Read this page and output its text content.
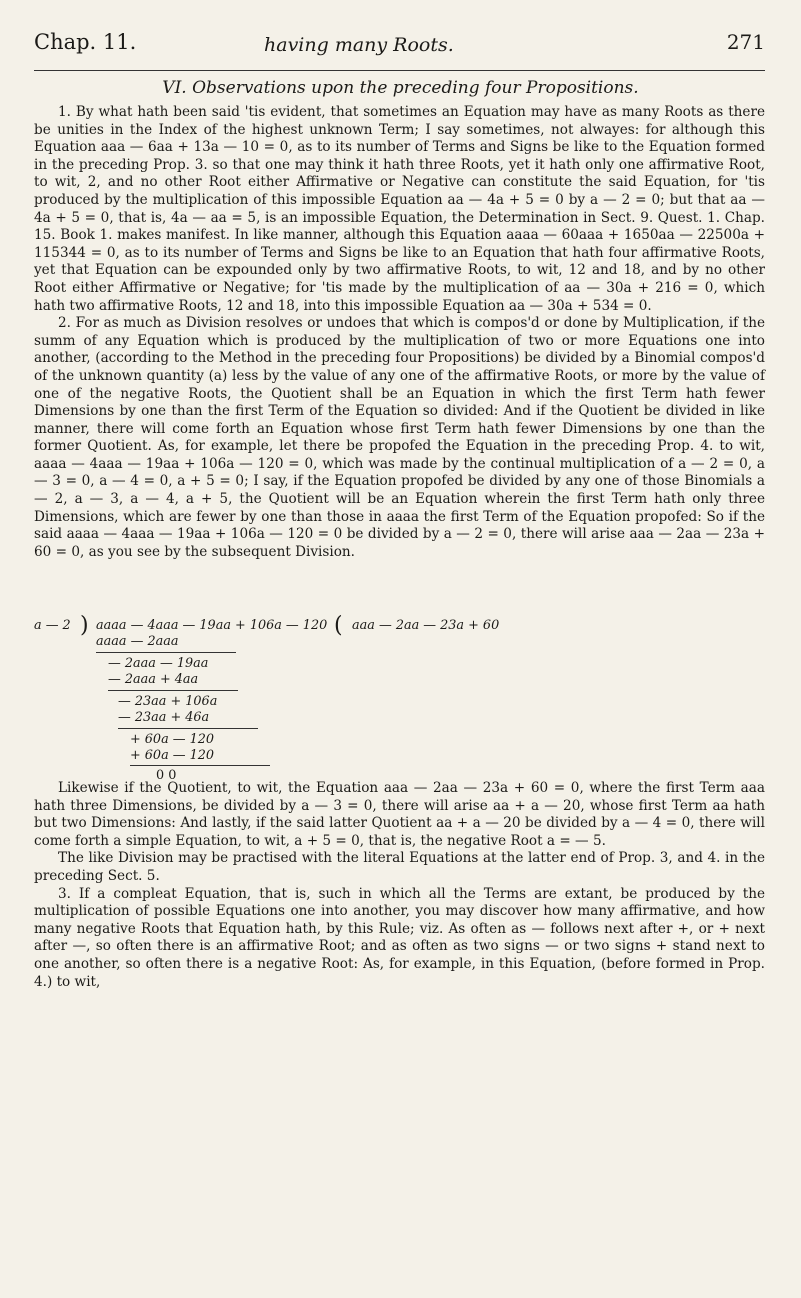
Chap. 11.	having many Roots.	271
VI. Observations upon the preceding four Propositions.

1. By what hath been said 'tis evident, that sometimes an Equation may have as many Roots as there be unities in the Index of the highest unknown Term; I say sometimes, not alwayes: for although this Equation aaa — 6aa + 13a — 10 = 0, as to its number of Terms and Signs be like to the Equation formed in the preceding Prop. 3. so that one may think it hath three Roots, yet it hath only one affirmative Root, to wit, 2, and no other Root either Affirmative or Negative can constitute the said Equation, for 'tis produced by the multiplication of this impossible Equation aa — 4a + 5 = 0 by a — 2 = 0; but that aa — 4a + 5 = 0, that is, 4a — aa = 5, is an impossible Equation, the Determination in Sect. 9. Quest. 1. Chap. 15. Book 1. makes manifest. In like manner, although this Equation aaaa — 60aaa + 1650aa — 22500a + 115344 = 0, as to its number of Terms and Signs be like to an Equation that hath four affirmative Roots, yet that Equation can be expounded only by two affirmative Roots, to wit, 12 and 18, and by no other Root either Affirmative or Negative; for 'tis made by the multiplication of aa — 30a + 216 = 0, which hath two affirmative Roots, 12 and 18, into this impossible Equation aa — 30a + 534 = 0.

2. For as much as Division resolves or undoes that which is compos'd or done by Multiplication, if the summ of any Equation which is produced by the multiplication of two or more Equations one into another, (according to the Method in the preceding four Propositions) be divided by a Binomial compos'd of the unknown quantity (a) less by the value of any one of the affirmative Roots, or more by the value of one of the negative Roots, the Quotient shall be an Equation in which the first Term hath fewer Dimensions by one than the first Term of the Equation so divided: And if the Quotient be divided in like manner, there will come forth an Equation whose first Term hath fewer Dimensions by one than the former Quotient. As, for example, let there be propofed the Equation in the preceding Prop. 4. to wit, aaaa — 4aaa — 19aa + 106a — 120 = 0, which was made by the continual multiplication of a — 2 = 0, a — 3 = 0, a — 4 = 0, a + 5 = 0; I say, if the Equation propofed be divided by any one of those Binomials a — 2, a — 3, a — 4, a + 5, the Quotient will be an Equation wherein the first Term hath only three Dimensions, which are fewer by one than those in aaaa the first Term of the Equation propofed: So if the said aaaa — 4aaa — 19aa + 106a — 120 = 0 be divided by a — 2 = 0, there will arise aaa — 2aa — 23a + 60 = 0, as you see by the subsequent Division.

a — 2 ) aaaa — 4aaa — 19aa + 106a — 120 ( aaa — 2aa — 23a + 60
aaaa — 2aaa
— 2aaa — 19aa
— 2aaa + 4aa
— 23aa + 106a
— 23aa + 46a
+ 60a — 120
+ 60a — 120
0 0

Likewise if the Quotient, to wit, the Equation aaa — 2aa — 23a + 60 = 0, where the first Term aaa hath three Dimensions, be divided by a — 3 = 0, there will arise aa + a — 20, whose first Term aa hath but two Dimensions: And lastly, if the said latter Quotient aa + a — 20 be divided by a — 4 = 0, there will come forth a simple Equation, to wit, a + 5 = 0, that is, the negative Root a = — 5.

The like Division may be practised with the literal Equations at the latter end of Prop. 3, and 4. in the preceding Sect. 5.

3. If a compleat Equation, that is, such in which all the Terms are extant, be produced by the multiplication of possible Equations one into another, you may discover how many affirmative, and how many negative Roots that Equation hath, by this Rule; viz. As often as — follows next after +, or + next after —, so often there is an affirmative Root; and as often as two signs — or two signs + stand next to one another, so often there is a negative Root: As, for example, in this Equation, (before formed in Prop. 4.) to wit,
